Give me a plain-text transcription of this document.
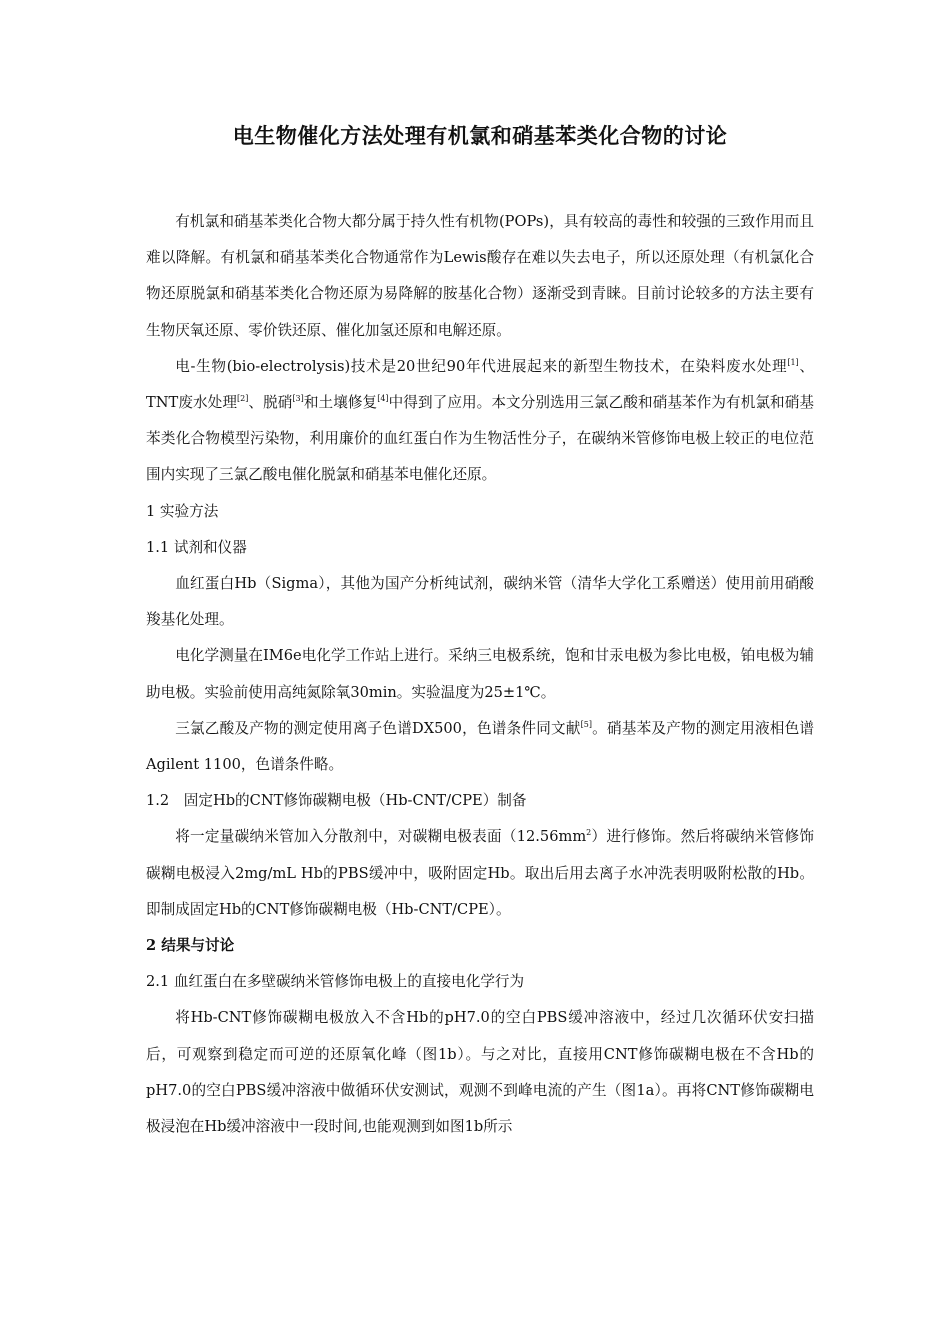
电生物催化方法处理有机氯和硝基苯类化合物的讨论

有机氯和硝基苯类化合物大都分属于持久性有机物(POPs)，具有较高的毒性和较强的三致作用而且难以降解。有机氯和硝基苯类化合物通常作为Lewis酸存在难以失去电子，所以还原处理（有机氯化合物还原脱氯和硝基苯类化合物还原为易降解的胺基化合物）逐渐受到青睐。目前讨论较多的方法主要有生物厌氧还原、零价铁还原、催化加氢还原和电解还原。

电-生物(bio-electrolysis)技术是20世纪90年代进展起来的新型生物技术，在染料废水处理[1]、TNT废水处理[2]、脱硝[3]和土壤修复[4]中得到了应用。本文分别选用三氯乙酸和硝基苯作为有机氯和硝基苯类化合物模型污染物，利用廉价的血红蛋白作为生物活性分子，在碳纳米管修饰电极上较正的电位范围内实现了三氯乙酸电催化脱氯和硝基苯电催化还原。

1 实验方法

1.1 试剂和仪器

血红蛋白Hb（Sigma），其他为国产分析纯试剂，碳纳米管（清华大学化工系赠送）使用前用硝酸羧基化处理。

电化学测量在IM6e电化学工作站上进行。采纳三电极系统，饱和甘汞电极为参比电极，铂电极为辅助电极。实验前使用高纯氮除氧30min。实验温度为25±1℃。

三氯乙酸及产物的测定使用离子色谱DX500，色谱条件同文献[5]。硝基苯及产物的测定用液相色谱Agilent 1100，色谱条件略。

1.2　固定Hb的CNT修饰碳糊电极（Hb-CNT/CPE）制备

将一定量碳纳米管加入分散剂中，对碳糊电极表面（12.56mm$^2$）进行修饰。然后将碳纳米管修饰碳糊电极浸入2mg/mL Hb的PBS缓冲中，吸附固定Hb。取出后用去离子水冲洗表明吸附松散的Hb。即制成固定Hb的CNT修饰碳糊电极（Hb-CNT/CPE）。

2 结果与讨论

2.1 血红蛋白在多壁碳纳米管修饰电极上的直接电化学行为

将Hb-CNT修饰碳糊电极放入不含Hb的pH7.0的空白PBS缓冲溶液中，经过几次循环伏安扫描后，可观察到稳定而可逆的还原氧化峰（图1b）。与之对比，直接用CNT修饰碳糊电极在不含Hb的pH7.0的空白PBS缓冲溶液中做循环伏安测试，观测不到峰电流的产生（图1a）。再将CNT修饰碳糊电极浸泡在Hb缓冲溶液中一段时间,也能观测到如图1b所示
